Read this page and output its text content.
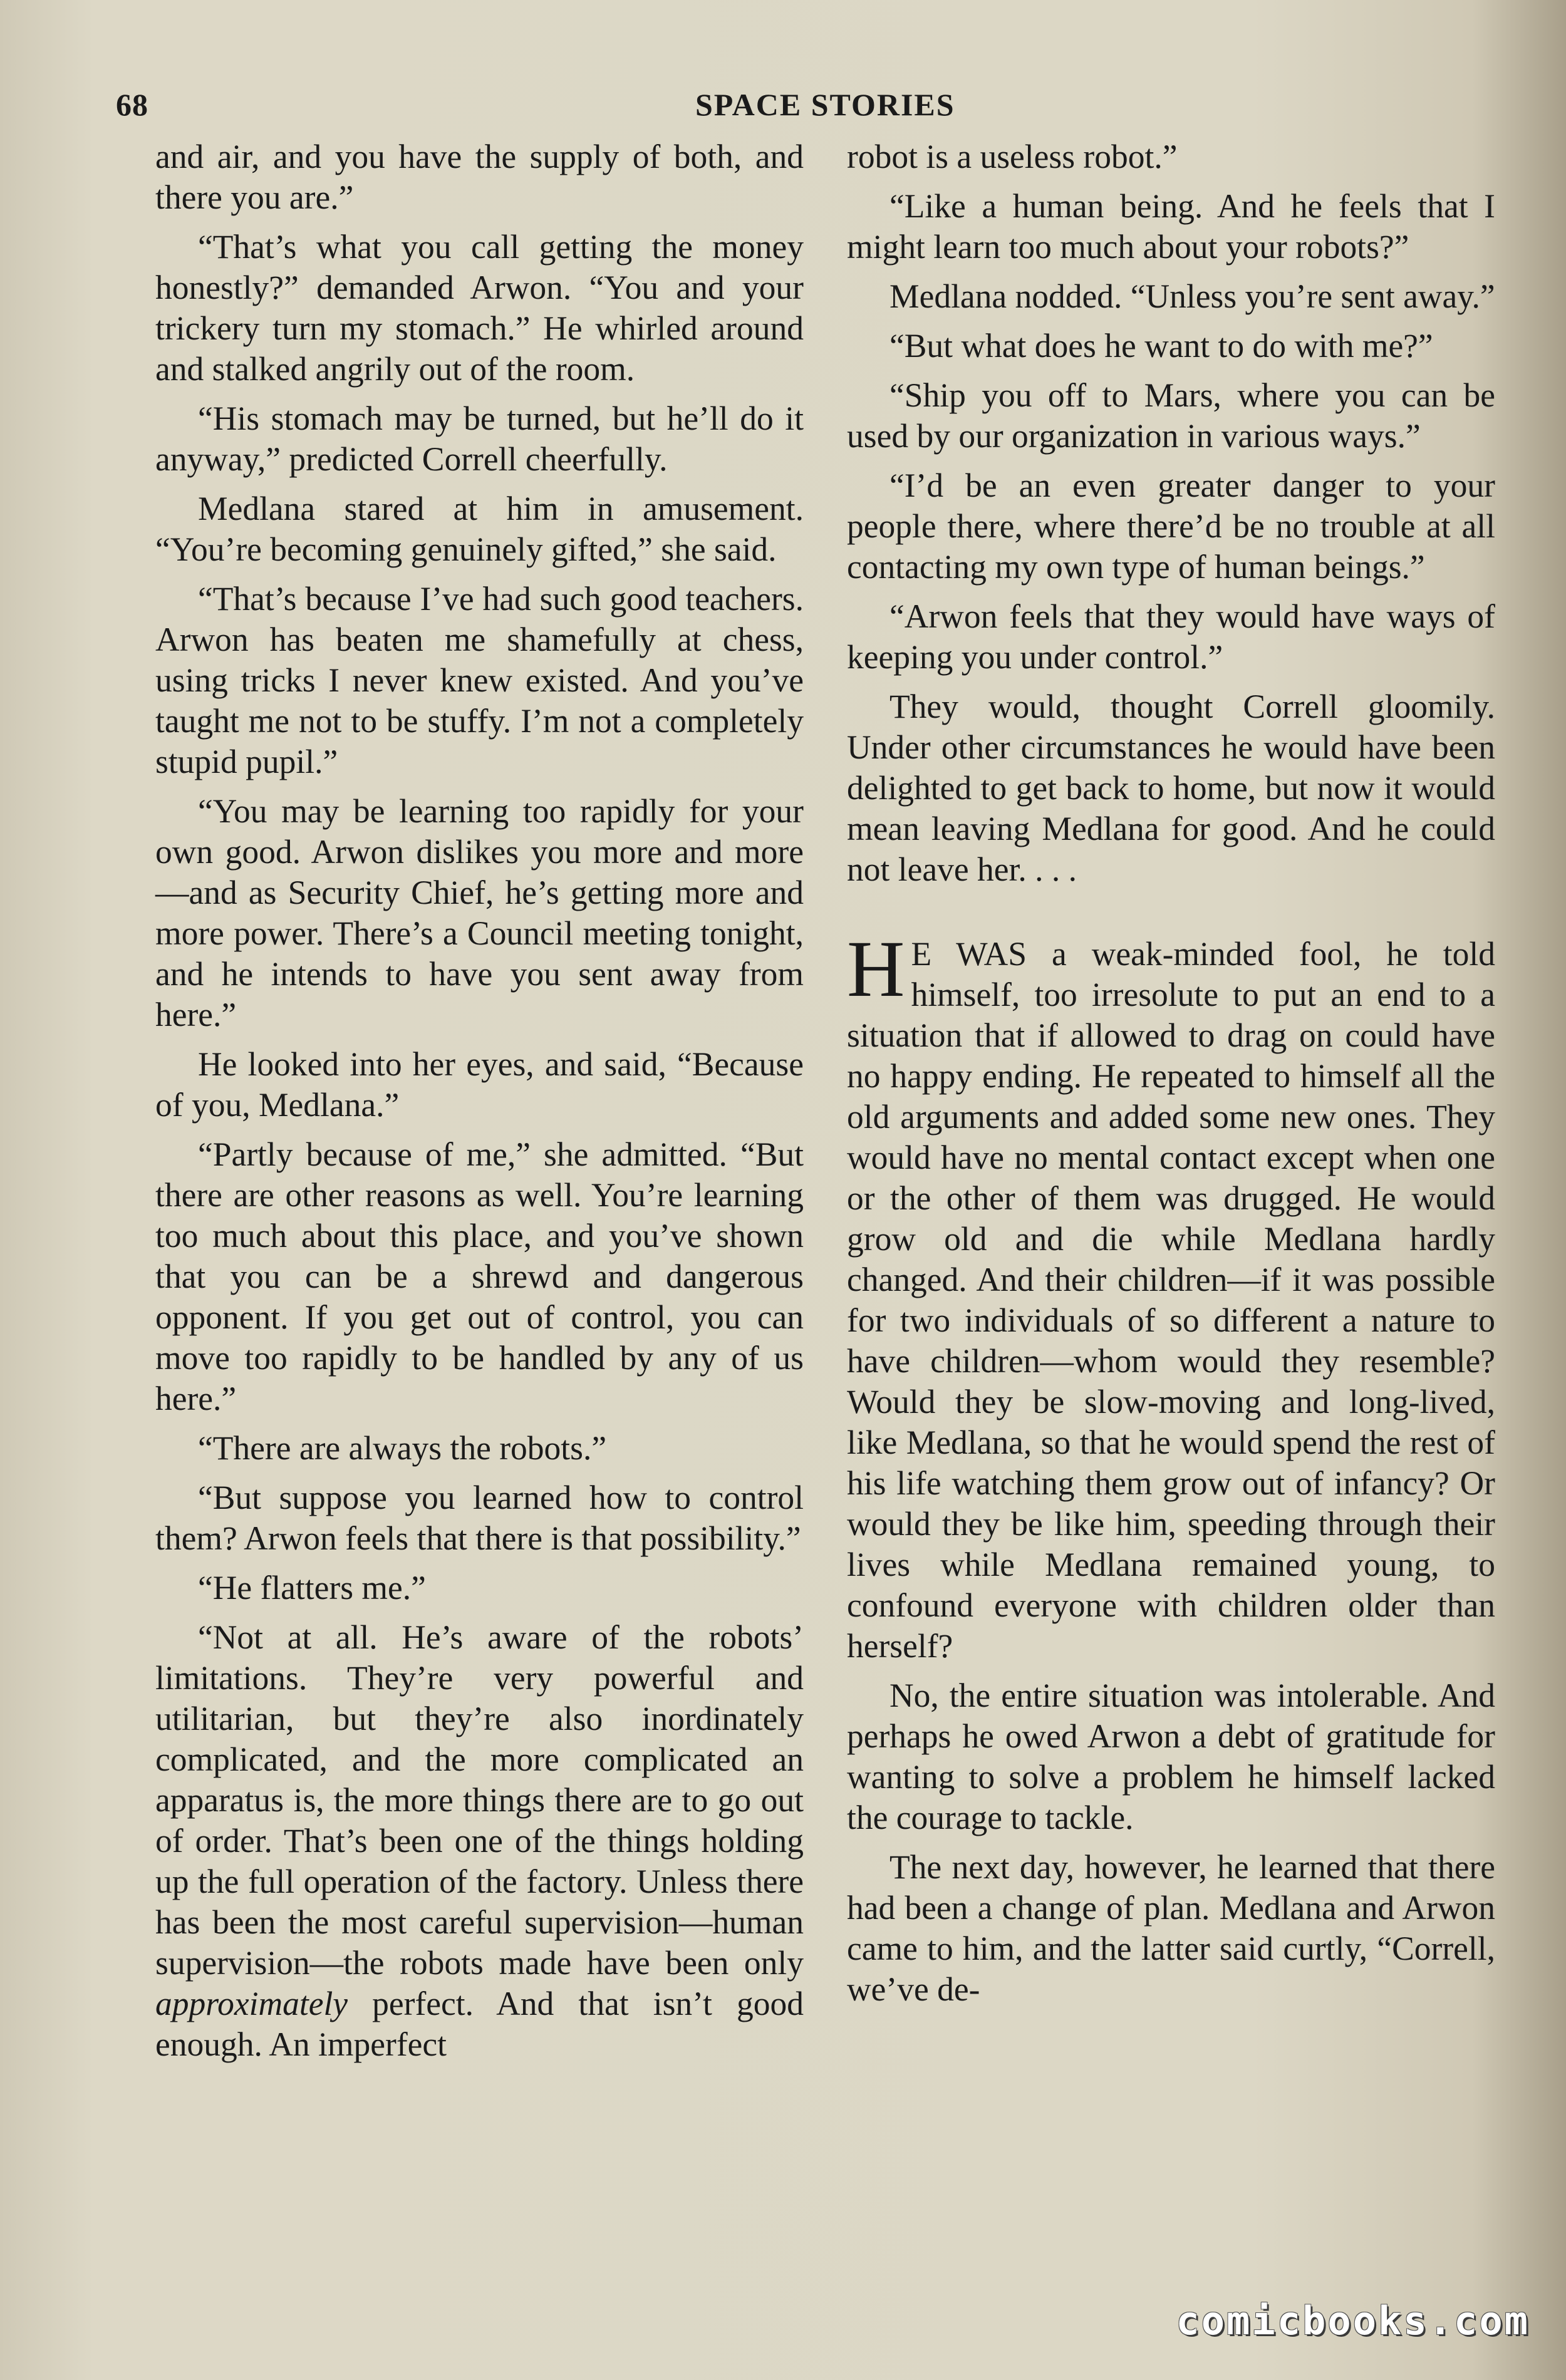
68	SPACE STORIES

and air, and you have the supply of both, and there you are.”

“That’s what you call getting the money honestly?” demanded Arwon. “You and your trickery turn my stomach.” He whirled around and stalked angrily out of the room.

“His stomach may be turned, but he’ll do it anyway,” predicted Correll cheerfully.

Medlana stared at him in amusement. “You’re becoming genuinely gifted,” she said.

“That’s because I’ve had such good teachers. Arwon has beaten me shamefully at chess, using tricks I never knew existed. And you’ve taught me not to be stuffy. I’m not a completely stupid pupil.”

“You may be learning too rapidly for your own good. Arwon dislikes you more and more—and as Security Chief, he’s getting more and more power. There’s a Council meeting tonight, and he intends to have you sent away from here.”

He looked into her eyes, and said, “Because of you, Medlana.”

“Partly because of me,” she admitted. “But there are other reasons as well. You’re learning too much about this place, and you’ve shown that you can be a shrewd and dangerous opponent. If you get out of control, you can move too rapidly to be handled by any of us here.”

“There are always the robots.”

“But suppose you learned how to control them? Arwon feels that there is that possibility.”

“He flatters me.”

“Not at all. He’s aware of the robots’ limitations. They’re very powerful and utilitarian, but they’re also inordinately complicated, and the more complicated an apparatus is, the more things there are to go out of order. That’s been one of the things holding up the full operation of the factory. Unless there has been the most careful supervision—human supervision—the robots made have been only approximately perfect. And that isn’t good enough. An imperfect

robot is a useless robot.”

“Like a human being. And he feels that I might learn too much about your robots?”

Medlana nodded. “Unless you’re sent away.”

“But what does he want to do with me?”

“Ship you off to Mars, where you can be used by our organization in various ways.”

“I’d be an even greater danger to your people there, where there’d be no trouble at all contacting my own type of human beings.”

“Arwon feels that they would have ways of keeping you under control.”

They would, thought Correll gloomily. Under other circumstances he would have been delighted to get back to home, but now it would mean leaving Medlana for good. And he could not leave her. . . .

H E WAS a weak-minded fool, he told himself, too irresolute to put an end to a situation that if allowed to drag on could have no happy ending. He repeated to himself all the old arguments and added some new ones. They would have no mental contact except when one or the other of them was drugged. He would grow old and die while Medlana hardly changed. And their children—if it was possible for two individuals of so different a nature to have children—whom would they resemble? Would they be slow-moving and long-lived, like Medlana, so that he would spend the rest of his life watching them grow out of infancy? Or would they be like him, speeding through their lives while Medlana remained young, to confound everyone with children older than herself?

No, the entire situation was intolerable. And perhaps he owed Arwon a debt of gratitude for wanting to solve a problem he himself lacked the courage to tackle.

The next day, however, he learned that there had been a change of plan. Medlana and Arwon came to him, and the latter said curtly, “Correll, we’ve de-

comicbooks.com
